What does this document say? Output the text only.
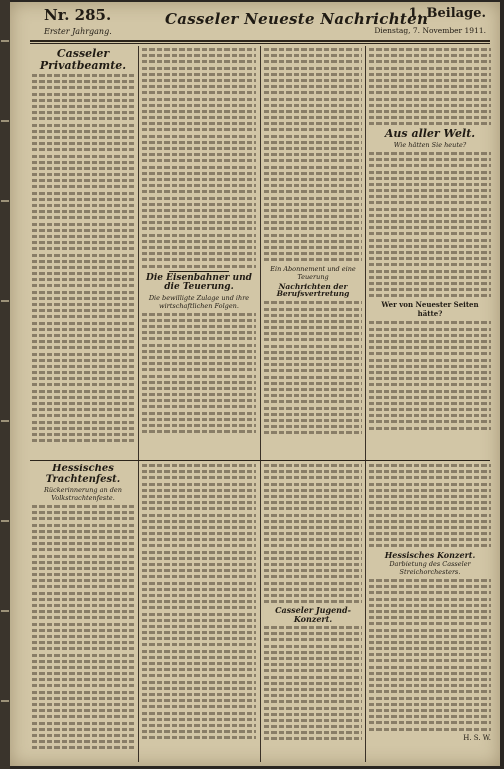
Nr. 285.
Erster Jahrgang.
Casseler Neueste Nachrichten
1. Beilage.
Dienstag, 7. November 1911.
Casseler Privatbeamte.
Die Eisenbahner und die Teuerung.
Die bewilligte Zulage und ihre wirtschaftlichen Folgen.
Ein Abonnement und eine Teuerung
Nachrichten der Berufsvertretung
Aus aller Welt.
Wie hätten Sie heute?
Wer von Neuester Seiten hätte?
Hessisches Trachtenfest.
Rückerinnerung an den Volkstrachtenfeste.
Casseler Jugend-Konzert.
Hessisches Konzert.
Darbietung des Casseler Streichorchesters.
H. S. W.
